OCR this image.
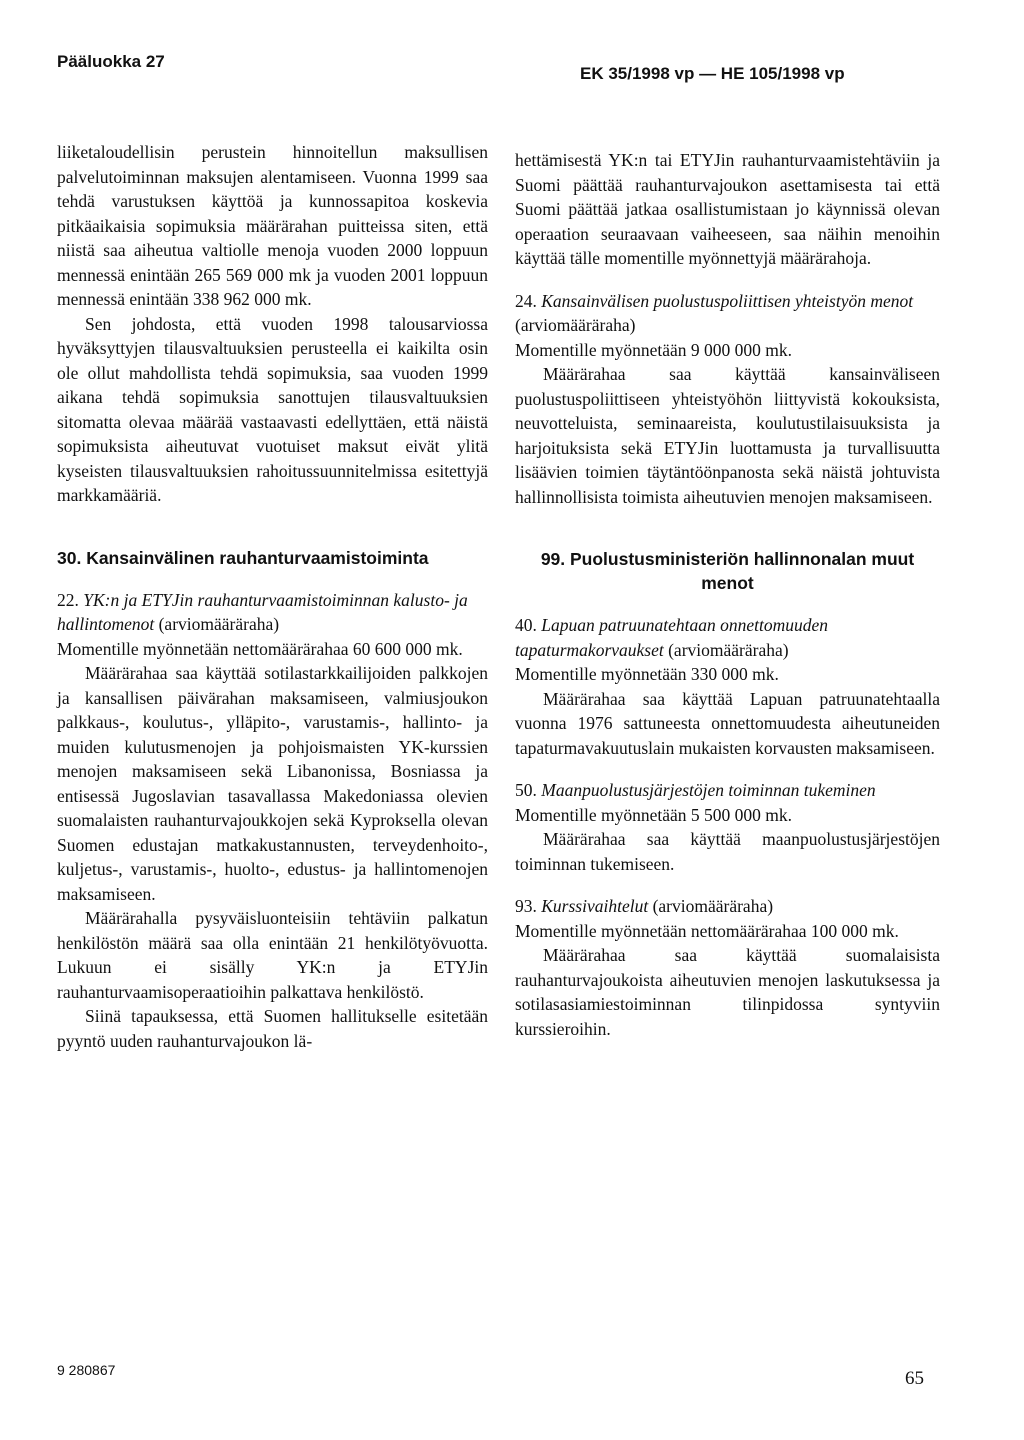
Pääluokka 27
EK 35/1998 vp — HE 105/1998 vp

liiketaloudellisin perustein hinnoitellun maksullisen palvelutoiminnan maksujen alentamiseen. Vuonna 1999 saa tehdä varustuksen käyttöä ja kunnossapitoa koskevia pitkäaikaisia sopimuksia määrärahan puitteissa siten, että niistä saa aiheutua valtiolle menoja vuoden 2000 loppuun mennessä enintään 265 569 000 mk ja vuoden 2001 loppuun mennessä enintään 338 962 000 mk.

Sen johdosta, että vuoden 1998 talousarviossa hyväksyttyjen tilausvaltuuksien perusteella ei kaikilta osin ole ollut mahdollista tehdä sopimuksia, saa vuoden 1999 aikana tehdä sopimuksia sanottujen tilausvaltuuksien sitomatta olevaa määrää vastaavasti edellyttäen, että näistä sopimuksista aiheutuvat vuotuiset maksut eivät ylitä kyseisten tilausvaltuuksien rahoitussuunnitelmissa esitettyjä markkamääriä.

30. Kansainvälinen rauhanturvaamistoiminta

22. YK:n ja ETYJin rauhanturvaamistoiminnan kalusto- ja hallintomenot (arviomääräraha)

Momentille myönnetään nettomäärärahaa 60 600 000 mk.

Määrärahaa saa käyttää sotilastarkkailijoiden palkkojen ja kansallisen päivärahan maksamiseen, valmiusjoukon palkkaus-, koulutus-, ylläpito-, varustamis-, hallinto- ja muiden kulutusmenojen ja pohjoismaisten YK-kurssien menojen maksamiseen sekä Libanonissa, Bosniassa ja entisessä Jugoslavian tasavallassa Makedoniassa olevien suomalaisten rauhanturvajoukkojen sekä Kyproksella olevan Suomen edustajan matkakustannusten, terveydenhoito-, kuljetus-, varustamis-, huolto-, edustus- ja hallintomenojen maksamiseen.

Määrärahalla pysyväisluonteisiin tehtäviin palkatun henkilöstön määrä saa olla enintään 21 henkilötyövuotta. Lukuun ei sisälly YK:n ja ETYJin rauhanturvaamisoperaatioihin palkattava henkilöstö.

Siinä tapauksessa, että Suomen hallitukselle esitetään pyyntö uuden rauhanturvajoukon lä-

hettämisestä YK:n tai ETYJin rauhanturvaamistehtäviin ja Suomi päättää rauhanturvajoukon asettamisesta tai että Suomi päättää jatkaa osallistumistaan jo käynnissä olevan operaation seuraavaan vaiheeseen, saa näihin menoihin käyttää tälle momentille myönnettyjä määrärahoja.

24. Kansainvälisen puolustuspoliittisen yhteistyön menot (arviomääräraha)

Momentille myönnetään 9 000 000 mk.

Määrärahaa saa käyttää kansainväliseen puolustuspoliittiseen yhteistyöhön liittyvistä kokouksista, neuvotteluista, seminaareista, koulutustilaisuuksista ja harjoituksista sekä ETYJin luottamusta ja turvallisuutta lisäävien toimien täytäntöönpanosta sekä näistä johtuvista hallinnollisista toimista aiheutuvien menojen maksamiseen.

99. Puolustusministeriön hallinnonalan muut menot

40. Lapuan patruunatehtaan onnettomuuden tapaturmakorvaukset (arviomääräraha)

Momentille myönnetään 330 000 mk.

Määrärahaa saa käyttää Lapuan patruunatehtaalla vuonna 1976 sattuneesta onnettomuudesta aiheutuneiden tapaturmavakuutuslain mukaisten korvausten maksamiseen.

50. Maanpuolustusjärjestöjen toiminnan tukeminen

Momentille myönnetään 5 500 000 mk.

Määrärahaa saa käyttää maanpuolustusjärjestöjen toiminnan tukemiseen.

93. Kurssivaihtelut (arviomääräraha)

Momentille myönnetään nettomäärärahaa 100 000 mk.

Määrärahaa saa käyttää suomalaisista rauhanturvajoukoista aiheutuvien menojen laskutuksessa ja sotilasasiamiestoiminnan tilinpidossa syntyviin kurssieroihin.

9 280867	65
